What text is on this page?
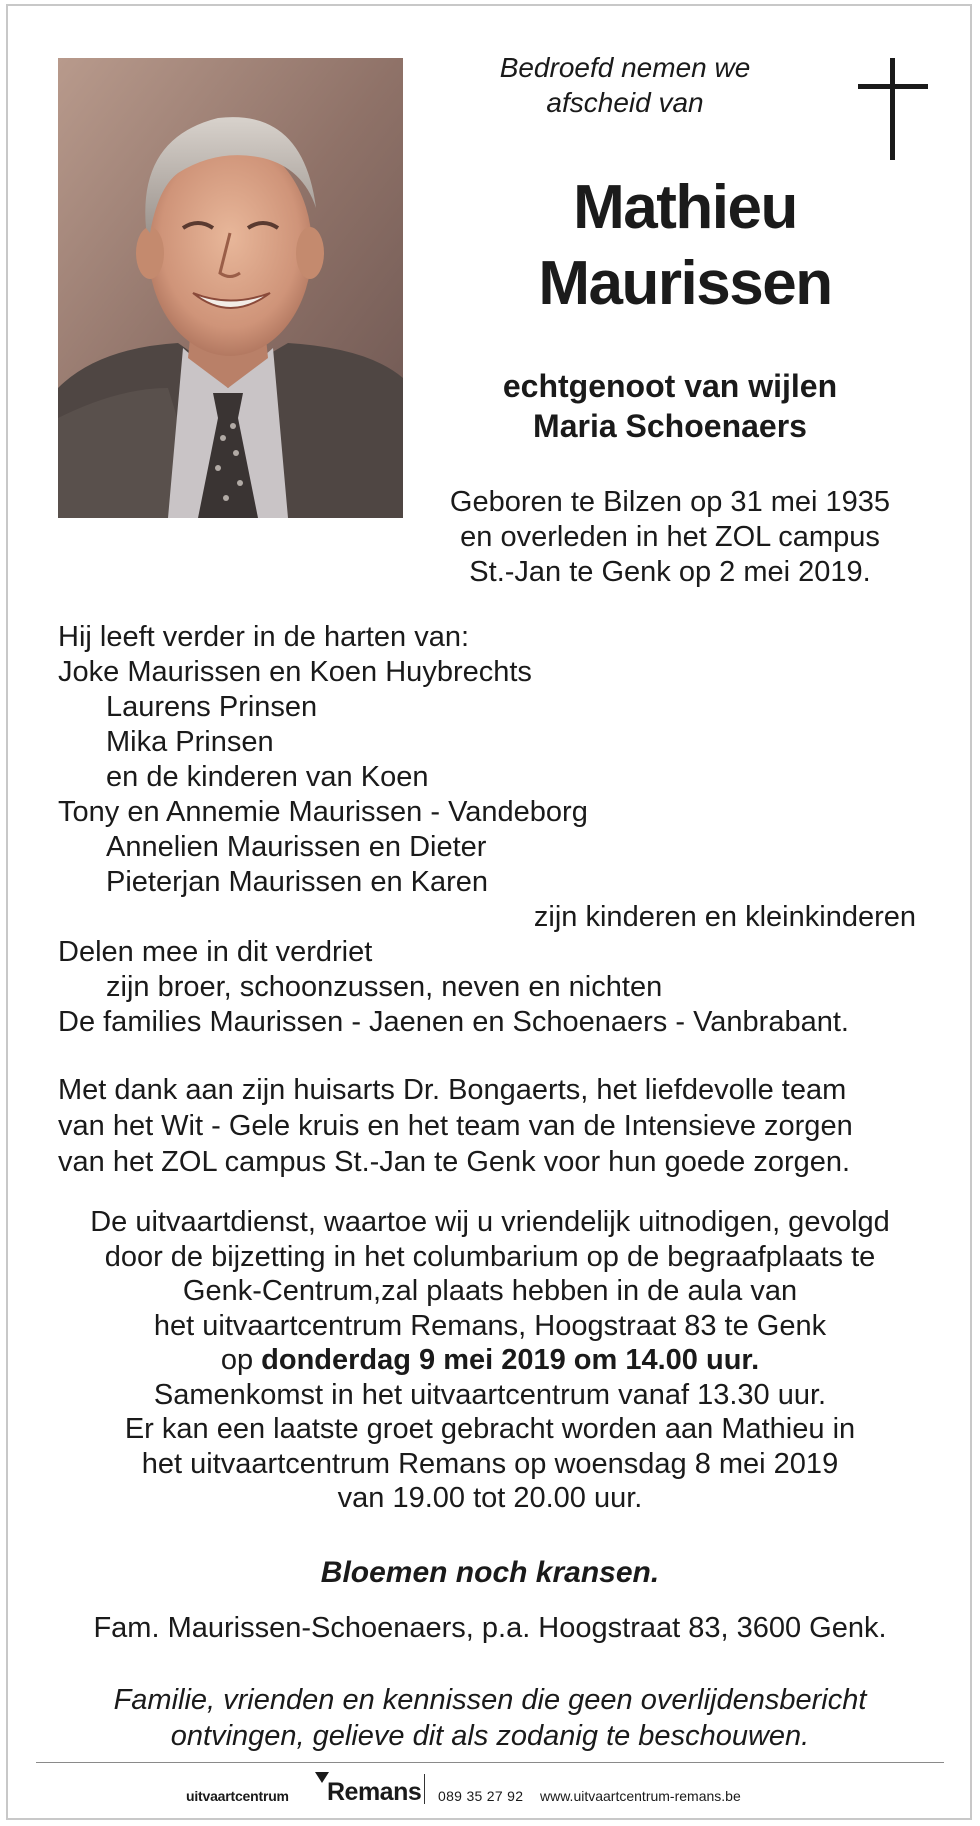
Bedroefd nemen we
afscheid van
Mathieu
Maurissen
echtgenoot van wijlen
Maria Schoenaers
Geboren te Bilzen op 31 mei 1935
en overleden in het ZOL campus
St.-Jan te Genk op 2 mei 2019.
Hij leeft verder in de harten van:
Joke Maurissen en Koen Huybrechts
Laurens Prinsen
Mika Prinsen
en de kinderen van Koen
Tony en Annemie Maurissen - Vandeborg
Annelien Maurissen en Dieter
Pieterjan Maurissen en Karen
zijn kinderen en kleinkinderen
Delen mee in dit verdriet
zijn broer, schoonzussen, neven en nichten
De families Maurissen - Jaenen en Schoenaers - Vanbrabant.
Met dank aan zijn huisarts Dr. Bongaerts, het liefdevolle team
van het Wit - Gele kruis en het team van de Intensieve zorgen
van het ZOL campus St.-Jan te Genk voor hun goede zorgen.
De uitvaartdienst, waartoe wij u vriendelijk uitnodigen, gevolgd
door de bijzetting in het columbarium op de begraafplaats te
Genk-Centrum,zal plaats hebben in de aula van
het uitvaartcentrum Remans, Hoogstraat 83 te Genk
op donderdag 9 mei 2019 om 14.00 uur.
Samenkomst in het uitvaartcentrum vanaf 13.30 uur.
Er kan een laatste groet gebracht worden aan Mathieu in
het uitvaartcentrum Remans op woensdag 8 mei 2019
van 19.00 tot 20.00 uur.
Bloemen noch kransen.
Fam. Maurissen-Schoenaers, p.a. Hoogstraat 83, 3600 Genk.
Familie, vrienden en kennissen die geen overlijdensbericht
ontvingen, gelieve dit als zodanig te beschouwen.
uitvaartcentrum Remans 089 35 27 92 www.uitvaartcentrum-remans.be
